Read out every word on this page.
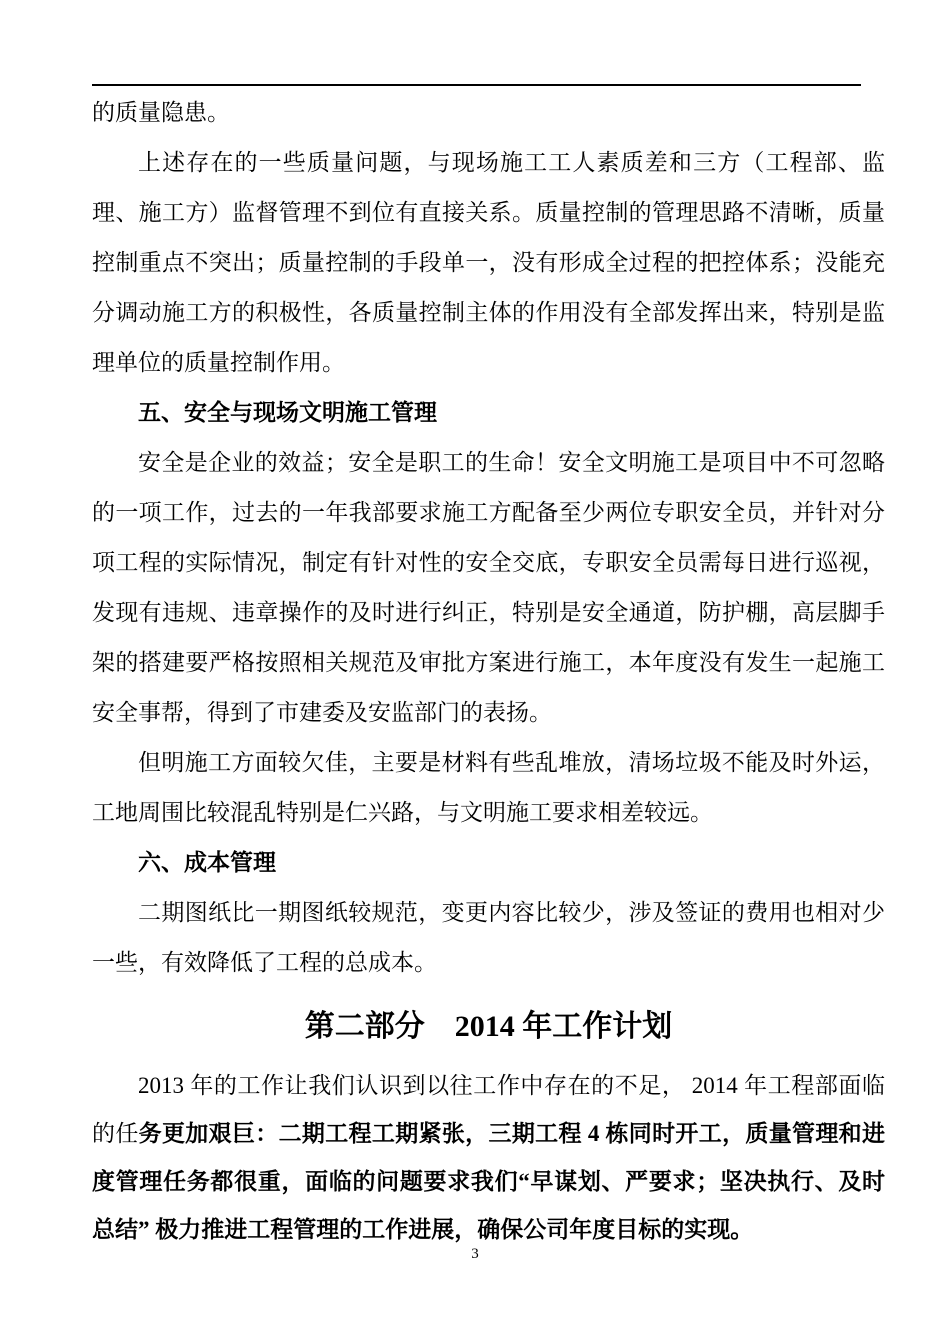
的质量隐患。

上述存在的一些质量问题，与现场施工工人素质差和三方（工程部、监理、施工方）监督管理不到位有直接关系。质量控制的管理思路不清晰，质量控制重点不突出；质量控制的手段单一，没有形成全过程的把控体系；没能充分调动施工方的积极性，各质量控制主体的作用没有全部发挥出来，特别是监理单位的质量控制作用。

五、安全与现场文明施工管理

安全是企业的效益；安全是职工的生命！安全文明施工是项目中不可忽略的一项工作，过去的一年我部要求施工方配备至少两位专职安全员，并针对分项工程的实际情况，制定有针对性的安全交底，专职安全员需每日进行巡视，发现有违规、违章操作的及时进行纠正，特别是安全通道，防护棚，高层脚手架的搭建要严格按照相关规范及审批方案进行施工，本年度没有发生一起施工安全事帮，得到了市建委及安监部门的表扬。

但明施工方面较欠佳，主要是材料有些乱堆放，清场垃圾不能及时外运，工地周围比较混乱特别是仁兴路，与文明施工要求相差较远。

六、成本管理

二期图纸比一期图纸较规范，变更内容比较少，涉及签证的费用也相对少一些，有效降低了工程的总成本。

第二部分　2014 年工作计划

2013 年的工作让我们认识到以往工作中存在的不足， 2014 年工程部面临的任务更加艰巨：二期工程工期紧张，三期工程 4 栋同时开工，质量管理和进度管理任务都很重，面临的问题要求我们“早谋划、严要求；坚决执行、及时总结” 极力推进工程管理的工作进展，确保公司年度目标的实现。

3
